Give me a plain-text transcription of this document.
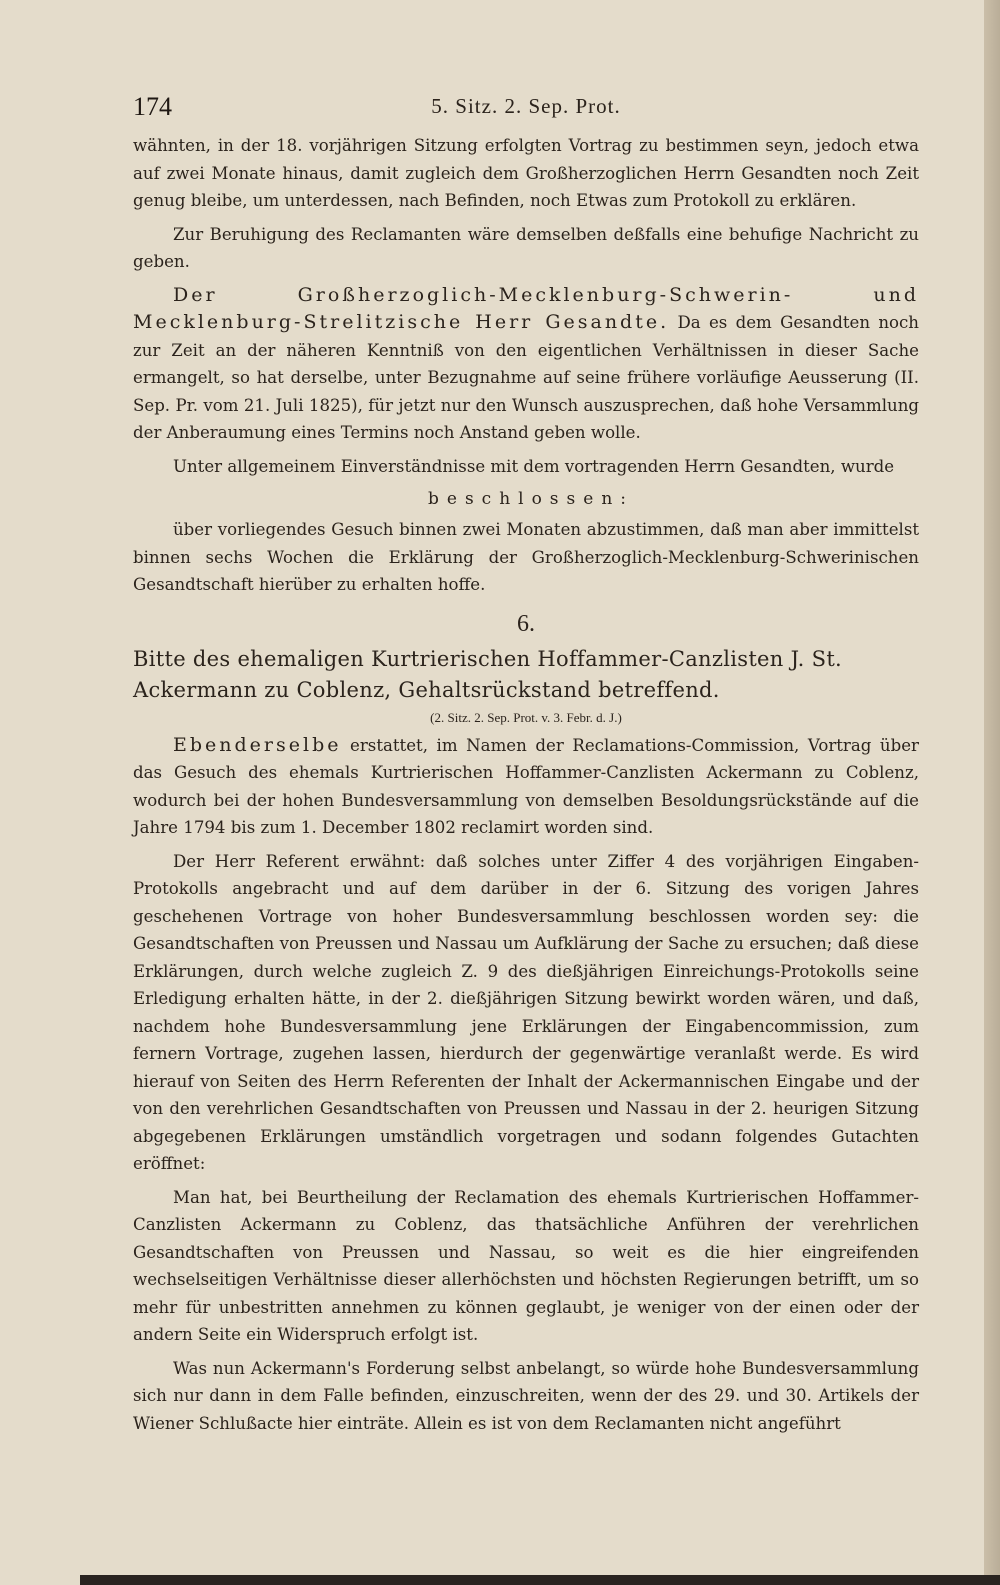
174	5. Sitz. 2. Sep. Prot.

wähnten, in der 18. vorjährigen Sitzung erfolgten Vortrag zu bestimmen seyn, jedoch etwa auf zwei Monate hinaus, damit zugleich dem Großherzoglichen Herrn Gesandten noch Zeit genug bleibe, um unterdessen, nach Befinden, noch Etwas zum Protokoll zu erklären.

Zur Beruhigung des Reclamanten wäre demselben deßfalls eine behufige Nachricht zu geben.

Der Großherzoglich-Mecklenburg-Schwerin- und Mecklenburg-Strelitzische Herr Gesandte. Da es dem Gesandten noch zur Zeit an der näheren Kenntniß von den eigentlichen Verhältnissen in dieser Sache ermangelt, so hat derselbe, unter Bezugnahme auf seine frühere vorläufige Aeusserung (II. Sep. Pr. vom 21. Juli 1825), für jetzt nur den Wunsch auszusprechen, daß hohe Versammlung der Anberaumung eines Termins noch Anstand geben wolle.

Unter allgemeinem Einverständnisse mit dem vortragenden Herrn Gesandten, wurde

beschlossen:

über vorliegendes Gesuch binnen zwei Monaten abzustimmen, daß man aber immittelst binnen sechs Wochen die Erklärung der Großherzoglich-Mecklenburg-Schwerinischen Gesandtschaft hierüber zu erhalten hoffe.

6.

Bitte des ehemaligen Kurtrierischen Hoffammer-Canzlisten J. St. Ackermann zu Coblenz, Gehaltsrückstand betreffend.

(2. Sitz. 2. Sep. Prot. v. 3. Febr. d. J.)

Ebenderselbe erstattet, im Namen der Reclamations-Commission, Vortrag über das Gesuch des ehemals Kurtrierischen Hoffammer-Canzlisten Ackermann zu Coblenz, wodurch bei der hohen Bundesversammlung von demselben Besoldungsrückstände auf die Jahre 1794 bis zum 1. December 1802 reclamirt worden sind.

Der Herr Referent erwähnt: daß solches unter Ziffer 4 des vorjährigen Eingaben-Protokolls angebracht und auf dem darüber in der 6. Sitzung des vorigen Jahres geschehenen Vortrage von hoher Bundesversammlung beschlossen worden sey: die Gesandtschaften von Preussen und Nassau um Aufklärung der Sache zu ersuchen; daß diese Erklärungen, durch welche zugleich Z. 9 des dießjährigen Einreichungs-Protokolls seine Erledigung erhalten hätte, in der 2. dießjährigen Sitzung bewirkt worden wären, und daß, nachdem hohe Bundesversammlung jene Erklärungen der Eingabencommission, zum fernern Vortrage, zugehen lassen, hierdurch der gegenwärtige veranlaßt werde. Es wird hierauf von Seiten des Herrn Referenten der Inhalt der Ackermannischen Eingabe und der von den verehrlichen Gesandtschaften von Preussen und Nassau in der 2. heurigen Sitzung abgegebenen Erklärungen umständlich vorgetragen und sodann folgendes Gutachten eröffnet:

Man hat, bei Beurtheilung der Reclamation des ehemals Kurtrierischen Hoffammer-Canzlisten Ackermann zu Coblenz, das thatsächliche Anführen der verehrlichen Gesandtschaften von Preussen und Nassau, so weit es die hier eingreifenden wechselseitigen Verhältnisse dieser allerhöchsten und höchsten Regierungen betrifft, um so mehr für unbestritten annehmen zu können geglaubt, je weniger von der einen oder der andern Seite ein Widerspruch erfolgt ist.

Was nun Ackermann's Forderung selbst anbelangt, so würde hohe Bundesversammlung sich nur dann in dem Falle befinden, einzuschreiten, wenn der des 29. und 30. Artikels der Wiener Schlußacte hier einträte. Allein es ist von dem Reclamanten nicht angeführt
